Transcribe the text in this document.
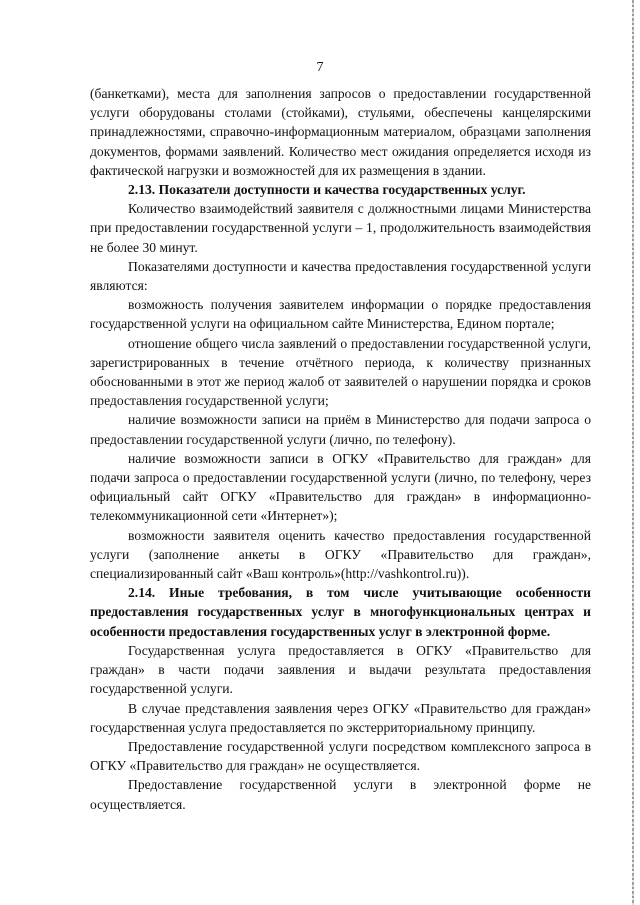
7

(банкетками), места для заполнения запросов о предоставлении государственной услуги оборудованы столами (стойками), стульями, обеспечены канцелярскими принадлежностями, справочно-информационным материалом, образцами заполнения документов, формами заявлений. Количество мест ожидания определяется исходя из фактической нагрузки и возможностей для их размещения в здании.

2.13. Показатели доступности и качества государственных услуг.

Количество взаимодействий заявителя с должностными лицами Министерства при предоставлении государственной услуги – 1, продолжительность взаимодействия не более 30 минут.

Показателями доступности и качества предоставления государственной услуги являются:

возможность получения заявителем информации о порядке предоставления государственной услуги на официальном сайте Министерства, Едином портале;

отношение общего числа заявлений о предоставлении государственной услуги, зарегистрированных в течение отчётного периода, к количеству признанных обоснованными в этот же период жалоб от заявителей о нарушении порядка и сроков предоставления государственной услуги;

наличие возможности записи на приём в Министерство для подачи запроса о предоставлении государственной услуги (лично, по телефону).

наличие возможности записи в ОГКУ «Правительство для граждан» для подачи запроса о предоставлении государственной услуги (лично, по телефону, через официальный сайт ОГКУ «Правительство для граждан» в информационно-телекоммуникационной сети «Интернет»);

возможности заявителя оценить качество предоставления государственной услуги (заполнение анкеты в ОГКУ «Правительство для граждан», специализированный сайт «Ваш контроль»(http://vashkontrol.ru)).

2.14. Иные требования, в том числе учитывающие особенности предоставления государственных услуг в многофункциональных центрах и особенности предоставления государственных услуг в электронной форме.

Государственная услуга предоставляется в ОГКУ «Правительство для граждан» в части подачи заявления и выдачи результата предоставления государственной услуги.

В случае представления заявления через ОГКУ «Правительство для граждан» государственная услуга предоставляется по экстерриториальному принципу.

Предоставление государственной услуги посредством комплексного запроса в ОГКУ «Правительство для граждан» не осуществляется.

Предоставление государственной услуги в электронной форме не осуществляется.
